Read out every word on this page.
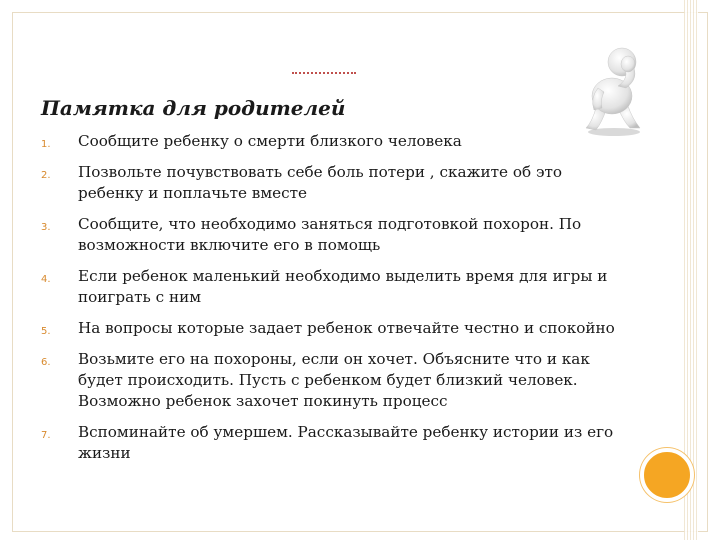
Памятка для родителей
1. Сообщите ребенку о смерти близкого человека
2. Позвольте почувствовать себе боль потери , скажите об это ребенку и поплачьте вместе
3. Сообщите, что необходимо заняться подготовкой похорон. По возможности включите его в помощь
4. Если ребенок маленький необходимо выделить время для игры и поиграть с ним
5. На вопросы которые задает ребенок отвечайте честно и спокойно
6. Возьмите его на похороны, если он хочет. Объясните что и как будет происходить. Пусть с ребенком будет близкий человек. Возможно ребенок захочет покинуть процесс
7. Вспоминайте об умершем. Рассказывайте ребенку истории из его жизни
